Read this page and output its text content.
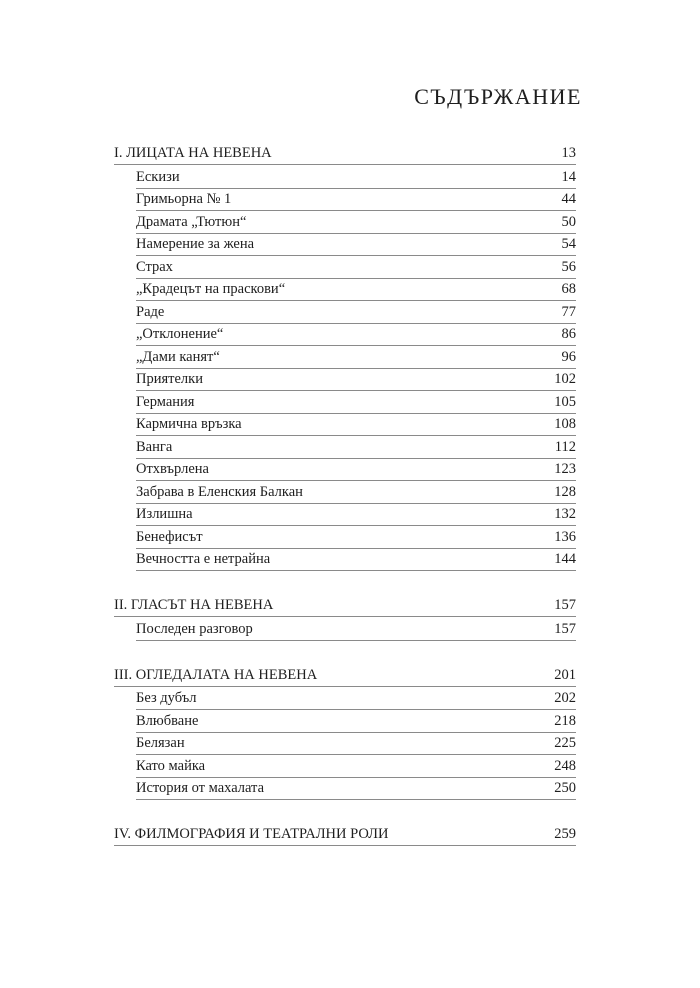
СЪДЪРЖАНИЕ
I. ЛИЦАТА НА НЕВЕНА	13
Ескизи	14
Гримьорна № 1	44
Драмата „Тютюн“	50
Намерение за жена	54
Страх	56
„Крадецът на праскови“	68
Раде	77
„Отклонение“	86
„Дами канят“	96
Приятелки	102
Германия	105
Кармична връзка	108
Ванга	112
Отхвърлена	123
Забрава в Еленския Балкан	128
Излишна	132
Бенефисът	136
Вечността е нетрайна	144
II. ГЛАСЪТ НА НЕВЕНА	157
Последен разговор	157
III. ОГЛЕДАЛАТА НА НЕВЕНА	201
Без дубъл	202
Влюбване	218
Белязан	225
Като майка	248
История от махалата	250
IV. ФИЛМОГРАФИЯ И ТЕАТРАЛНИ РОЛИ	259
